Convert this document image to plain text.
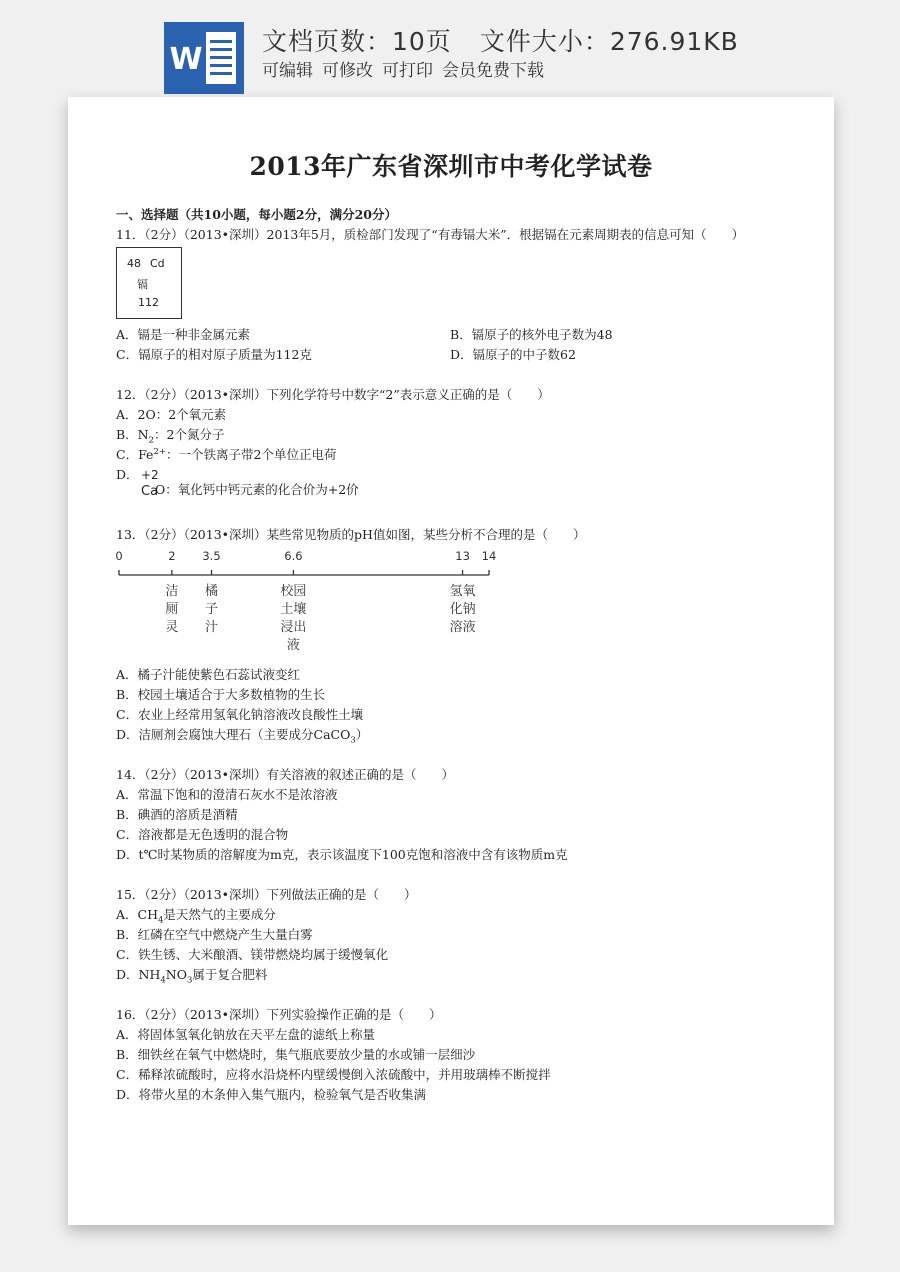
W
文档页数：10页 文件大小：276.91KB
可编辑 可修改 可打印 会员免费下载
2013年广东省深圳市中考化学试卷
一、选择题（共10小题，每小题2分，满分20分）
11．（2分）（2013•深圳）2013年5月，质检部门发现了“有毒镉大米”．根据镉在元素周期表的信息可知（　　）
48 Cd
镉
112
A．镉是一种非金属元素	B．镉原子的核外电子数为48
C．镉原子的相对原子质量为112克	D．镉原子的中子数62
12．（2分）（2013•深圳）下列化学符号中数字“2”表示意义正确的是（　　）
A．2O：2个氧元素
B．$N_2$：2个氮分子
C．$Fe^{2+}$：一个铁离子带2个单位正电荷
D． +2
Ca
O：氧化钙中钙元素的化合价为+2价
13．（2分）（2013•深圳）某些常见物质的pH值如图，某些分析不合理的是（　　）
0	2 3.5	6.6	13 14
洁
厕
灵
橘
子
汁
校园
土壤
浸出
液
氢氧
化钠
溶液
A．橘子汁能使紫色石蕊试液变红
B．校园土壤适合于大多数植物的生长
C．农业上经常用氢氧化钠溶液改良酸性土壤
D．洁厕剂会腐蚀大理石（主要成分CaCO$_3$）
14．（2分）（2013•深圳）有关溶液的叙述正确的是（　　）
A．常温下饱和的澄清石灰水不是浓溶液
B．碘酒的溶质是酒精
C．溶液都是无色透明的混合物
D．t℃时某物质的溶解度为m克，表示该温度下100克饱和溶液中含有该物质m克
15．（2分）（2013•深圳）下列做法正确的是（　　）
A．$CH_4$是天然气的主要成分
B．红磷在空气中燃烧产生大量白雾
C．铁生锈、大米酿酒、镁带燃烧均属于缓慢氧化
D．$NH_4NO_3$属于复合肥料
16．（2分）（2013•深圳）下列实验操作正确的是（　　）
A．将固体氢氧化钠放在天平左盘的滤纸上称量
B．细铁丝在氧气中燃烧时，集气瓶底要放少量的水或铺一层细沙
C．稀释浓硫酸时，应将水沿烧杯内壁缓慢倒入浓硫酸中，并用玻璃棒不断搅拌
D．将带火星的木条伸入集气瓶内，检验氧气是否收集满
